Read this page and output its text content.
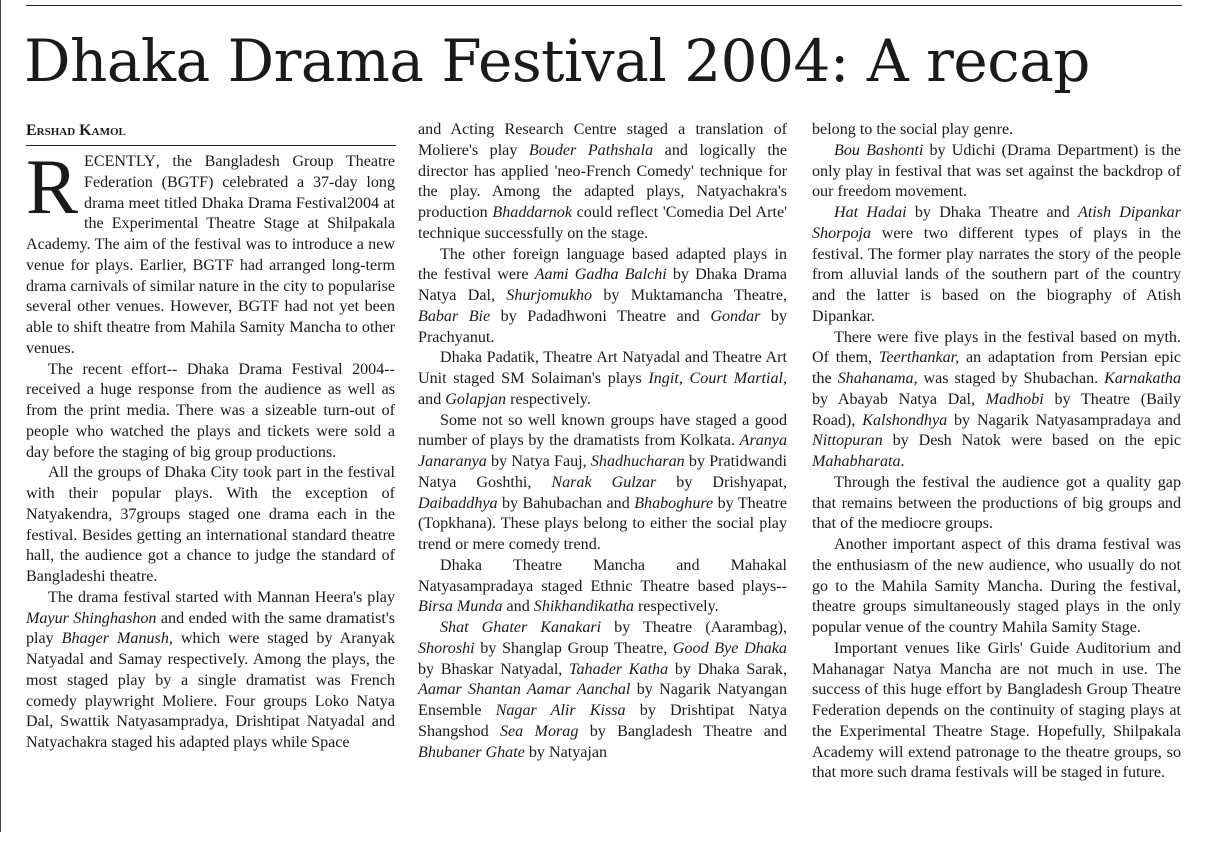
Dhaka Drama Festival 2004: A recap
Ershad Kamol

RECENTLY, the Bangladesh Group Theatre Federation (BGTF) celebrated a 37-day long drama meet titled Dhaka Drama Festival2004 at the Experimental Theatre Stage at Shilpakala Academy. The aim of the festival was to introduce a new venue for plays. Earlier, BGTF had arranged long-term drama carnivals of similar nature in the city to popularise several other venues. However, BGTF had not yet been able to shift theatre from Mahila Samity Mancha to other venues.

The recent effort-- Dhaka Drama Festival 2004-- received a huge response from the audience as well as from the print media. There was a sizeable turn-out of people who watched the plays and tickets were sold a day before the staging of big group productions.

All the groups of Dhaka City took part in the festival with their popular plays. With the exception of Natyakendra, 37groups staged one drama each in the festival. Besides getting an international standard theatre hall, the audience got a chance to judge the standard of Bangladeshi theatre.

The drama festival started with Mannan Heera's play Mayur Shinghashon and ended with the same dramatist's play Bhager Manush, which were staged by Aranyak Natyadal and Samay respectively. Among the plays, the most staged play by a single dramatist was French comedy playwright Moliere. Four groups Loko Natya Dal, Swattik Natyasampradya, Drishtipat Natyadal and Natyachakra staged his adapted plays while Space

and Acting Research Centre staged a translation of Moliere's play Bouder Pathshala and logically the director has applied 'neo-French Comedy' technique for the play. Among the adapted plays, Natyachakra's production Bhaddarnok could reflect 'Comedia Del Arte' technique successfully on the stage.

The other foreign language based adapted plays in the festival were Aami Gadha Balchi by Dhaka Drama Natya Dal, Shurjomukho by Muktamancha Theatre, Babar Bie by Padadhwoni Theatre and Gondar by Prachyanut.

Dhaka Padatik, Theatre Art Natyadal and Theatre Art Unit staged SM Solaiman's plays Ingit, Court Martial, and Golapjan respectively.

Some not so well known groups have staged a good number of plays by the dramatists from Kolkata. Aranya Janaranya by Natya Fauj, Shadhucharan by Pratidwandi Natya Goshthi, Narak Gulzar by Drishyapat, Daibaddhya by Bahubachan and Bhaboghure by Theatre (Topkhana). These plays belong to either the social play trend or mere comedy trend.

Dhaka Theatre Mancha and Mahakal Natyasampradaya staged Ethnic Theatre based plays--Birsa Munda and Shikhandikatha respectively.

Shat Ghater Kanakari by Theatre (Aarambag), Shoroshi by Shanglap Group Theatre, Good Bye Dhaka by Bhaskar Natyadal, Tahader Katha by Dhaka Sarak, Aamar Shantan Aamar Aanchal by Nagarik Natyangan Ensemble Nagar Alir Kissa by Drishtipat Natya Shangshod Sea Morag by Bangladesh Theatre and Bhubaner Ghate by Natyajan

belong to the social play genre.

Bou Bashonti by Udichi (Drama Department) is the only play in festival that was set against the backdrop of our freedom movement.

Hat Hadai by Dhaka Theatre and Atish Dipankar Shorpoja were two different types of plays in the festival. The former play narrates the story of the people from alluvial lands of the southern part of the country and the latter is based on the biography of Atish Dipankar.

There were five plays in the festival based on myth. Of them, Teerthankar, an adaptation from Persian epic the Shahanama, was staged by Shubachan. Karnakatha by Abayab Natya Dal, Madhobi by Theatre (Baily Road), Kalshondhya by Nagarik Natyasampradaya and Nittopuran by Desh Natok were based on the epic Mahabharata.

Through the festival the audience got a quality gap that remains between the productions of big groups and that of the mediocre groups.

Another important aspect of this drama festival was the enthusiasm of the new audience, who usually do not go to the Mahila Samity Mancha. During the festival, theatre groups simultaneously staged plays in the only popular venue of the country Mahila Samity Stage.

Important venues like Girls' Guide Auditorium and Mahanagar Natya Mancha are not much in use. The success of this huge effort by Bangladesh Group Theatre Federation depends on the continuity of staging plays at the Experimental Theatre Stage. Hopefully, Shilpakala Academy will extend patronage to the theatre groups, so that more such drama festivals will be staged in future.
